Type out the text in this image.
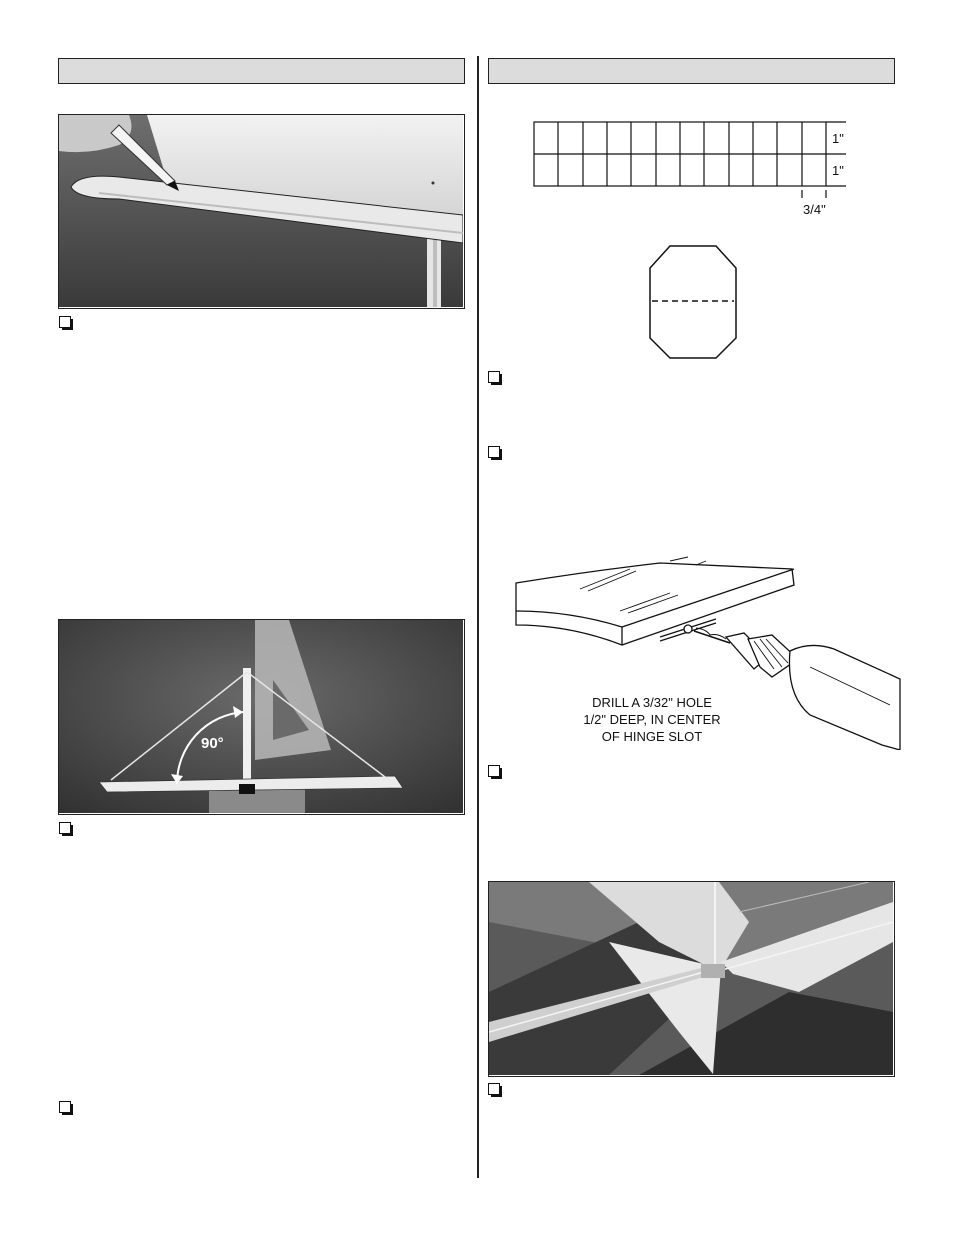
90°
1"
1"
3/4"
DRILL A 3/32" HOLE
1/2" DEEP, IN CENTER
OF HINGE SLOT
